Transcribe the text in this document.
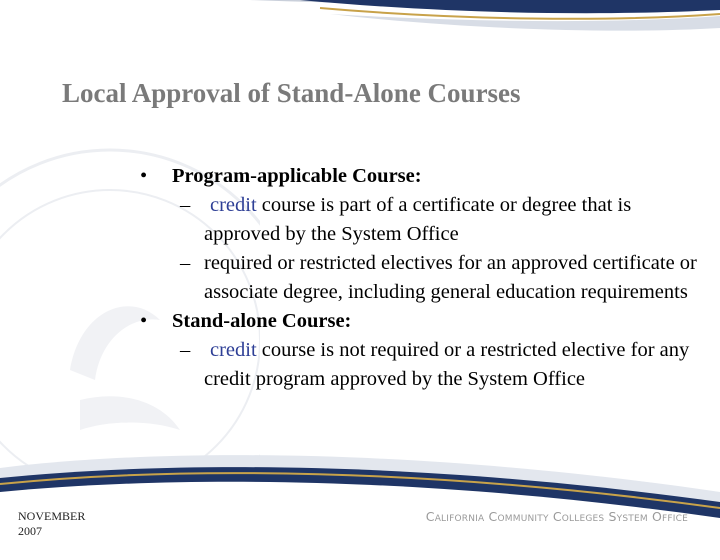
Local Approval of Stand-Alone Courses
• Program-applicable Course:
– credit course is part of a certificate or degree that is approved by the System Office
– required or restricted electives for an approved certificate or associate degree, including general education requirements
• Stand-alone Course:
– credit course is not required or a restricted elective for any credit program approved by the System Office

NOVEMBER 2007

California Community Colleges System Office
